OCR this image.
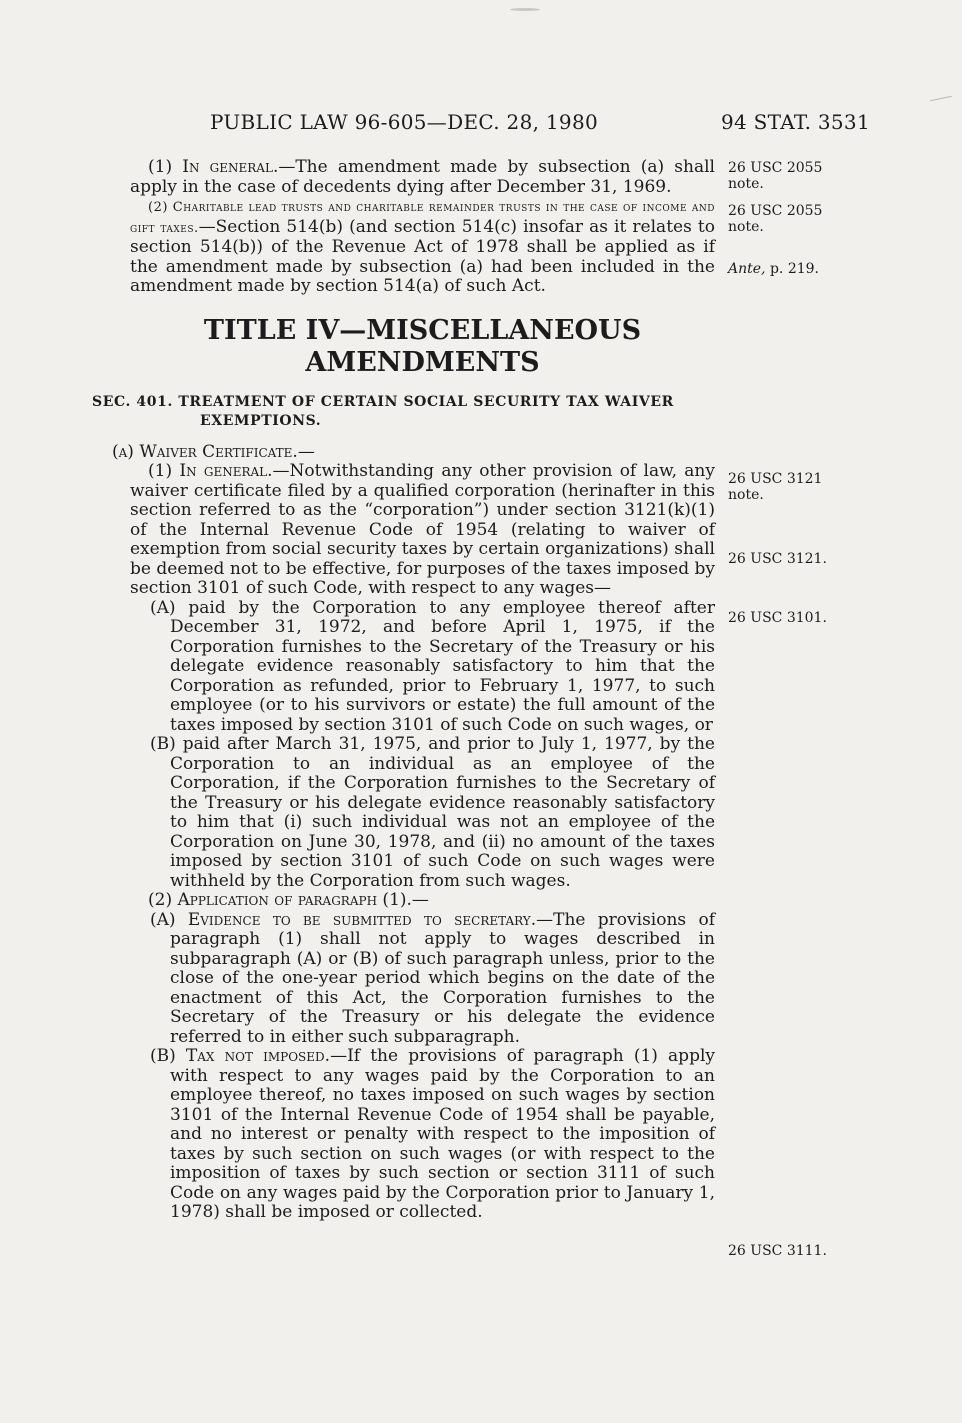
PUBLIC LAW 96-605—DEC. 28, 1980	94 STAT. 3531

(1) In general.—The amendment made by subsection (a) shall apply in the case of decedents dying after December 31, 1969.

(2) Charitable lead trusts and charitable remainder trusts in the case of income and gift taxes.—Section 514(b) (and section 514(c) insofar as it relates to section 514(b)) of the Revenue Act of 1978 shall be applied as if the amendment made by subsection (a) had been included in the amendment made by section 514(a) of such Act.

TITLE IV—MISCELLANEOUS
AMENDMENTS
SEC. 401. TREATMENT OF CERTAIN SOCIAL SECURITY TAX WAIVER
EXEMPTIONS.

(a) Waiver Certificate.—

(1) In general.—Notwithstanding any other provision of law, any waiver certificate filed by a qualified corporation (herinafter in this section referred to as the “corporation”) under section 3121(k)(1) of the Internal Revenue Code of 1954 (relating to waiver of exemption from social security taxes by certain organizations) shall be deemed not to be effective, for purposes of the taxes imposed by section 3101 of such Code, with respect to any wages—

(A) paid by the Corporation to any employee thereof after December 31, 1972, and before April 1, 1975, if the Corporation furnishes to the Secretary of the Treasury or his delegate evidence reasonably satisfactory to him that the Corporation as refunded, prior to February 1, 1977, to such employee (or to his survivors or estate) the full amount of the taxes imposed by section 3101 of such Code on such wages, or

(B) paid after March 31, 1975, and prior to July 1, 1977, by the Corporation to an individual as an employee of the Corporation, if the Corporation furnishes to the Secretary of the Treasury or his delegate evidence reasonably satisfactory to him that (i) such individual was not an employee of the Corporation on June 30, 1978, and (ii) no amount of the taxes imposed by section 3101 of such Code on such wages were withheld by the Corporation from such wages.

(2) Application of paragraph (1).—

(A) Evidence to be submitted to secretary.—The provisions of paragraph (1) shall not apply to wages described in subparagraph (A) or (B) of such paragraph unless, prior to the close of the one-year period which begins on the date of the enactment of this Act, the Corporation furnishes to the Secretary of the Treasury or his delegate the evidence referred to in either such subparagraph.

(B) Tax not imposed.—If the provisions of paragraph (1) apply with respect to any wages paid by the Corporation to an employee thereof, no taxes imposed on such wages by section 3101 of the Internal Revenue Code of 1954 shall be payable, and no interest or penalty with respect to the imposition of taxes by such section on such wages (or with respect to the imposition of taxes by such section or section 3111 of such Code on any wages paid by the Corporation prior to January 1, 1978) shall be imposed or collected.

26 USC 2055
note.
26 USC 2055
note.
Ante, p. 219.
26 USC 3121
note.
26 USC 3121.
26 USC 3101.
26 USC 3111.
